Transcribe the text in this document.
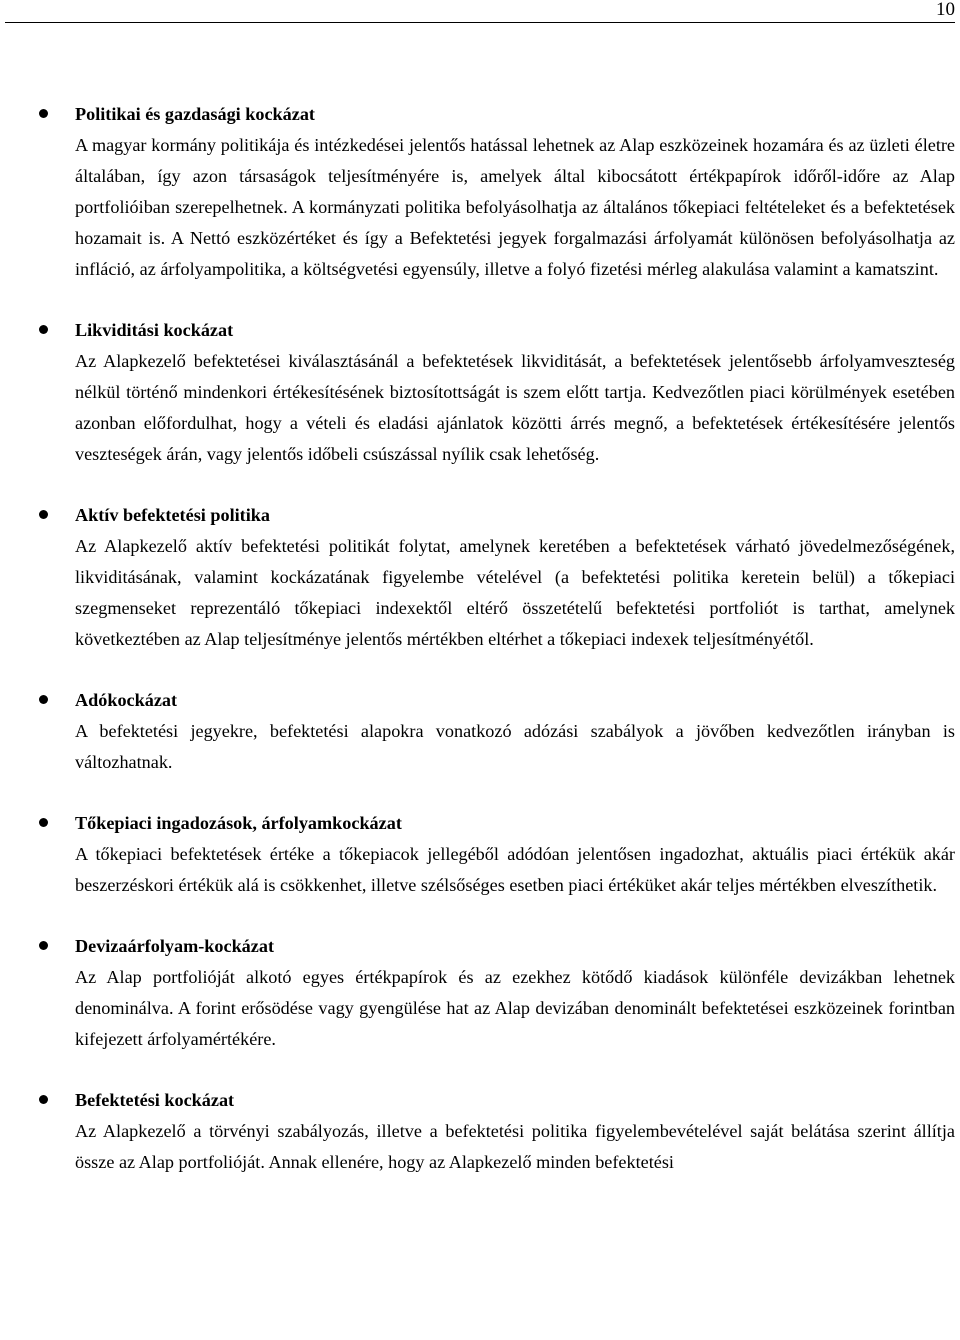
10

Politikai és gazdasági kockázat

A magyar kormány politikája és intézkedései jelentős hatással lehetnek az Alap eszközeinek hozamára és az üzleti életre általában, így azon társaságok teljesítményére is, amelyek által kibocsátott értékpapírok időről-időre az Alap portfolióiban szerepelhetnek. A kormányzati politika befolyásolhatja az általános tőkepiaci feltételeket és a befektetések hozamait is. A Nettó eszközértéket és így a Befektetési jegyek forgalmazási árfolyamát különösen befolyásolhatja az infláció, az árfolyampolitika, a költségvetési egyensúly, illetve a folyó fizetési mérleg alakulása valamint a kamatszint.

Likviditási kockázat

Az Alapkezelő befektetései kiválasztásánál a befektetések likviditását, a befektetések jelentősebb árfolyamveszteség nélkül történő mindenkori értékesítésének biztosítottságát is szem előtt tartja. Kedvezőtlen piaci körülmények esetében azonban előfordulhat, hogy a vételi és eladási ajánlatok közötti árrés megnő, a befektetések értékesítésére jelentős veszteségek árán, vagy jelentős időbeli csúszással nyílik csak lehetőség.

Aktív befektetési politika

Az Alapkezelő aktív befektetési politikát folytat, amelynek keretében a befektetések várható jövedelmezőségének, likviditásának, valamint kockázatának figyelembe vételével (a befektetési politika keretein belül) a tőkepiaci szegmenseket reprezentáló tőkepiaci indexektől eltérő összetételű befektetési portfoliót is tarthat, amelynek következtében az Alap teljesítménye jelentős mértékben eltérhet a tőkepiaci indexek teljesítményétől.

Adókockázat

A befektetési jegyekre, befektetési alapokra vonatkozó adózási szabályok a jövőben kedvezőtlen irányban is változhatnak.

Tőkepiaci ingadozások, árfolyamkockázat

A tőkepiaci befektetések értéke a tőkepiacok jellegéből adódóan jelentősen ingadozhat, aktuális piaci értékük akár beszerzéskori értékük alá is csökkenhet, illetve szélsőséges esetben piaci értéküket akár teljes mértékben elveszíthetik.

Devizaárfolyam-kockázat

Az Alap portfolióját alkotó egyes értékpapírok és az ezekhez kötődő kiadások különféle devizákban lehetnek denominálva. A forint erősödése vagy gyengülése hat az Alap devizában denominált befektetései eszközeinek forintban kifejezett árfolyamértékére.

Befektetési kockázat

Az Alapkezelő a törvényi szabályozás, illetve a befektetési politika figyelembevételével saját belátása szerint állítja össze az Alap portfolióját. Annak ellenére, hogy az Alapkezelő minden befektetési
